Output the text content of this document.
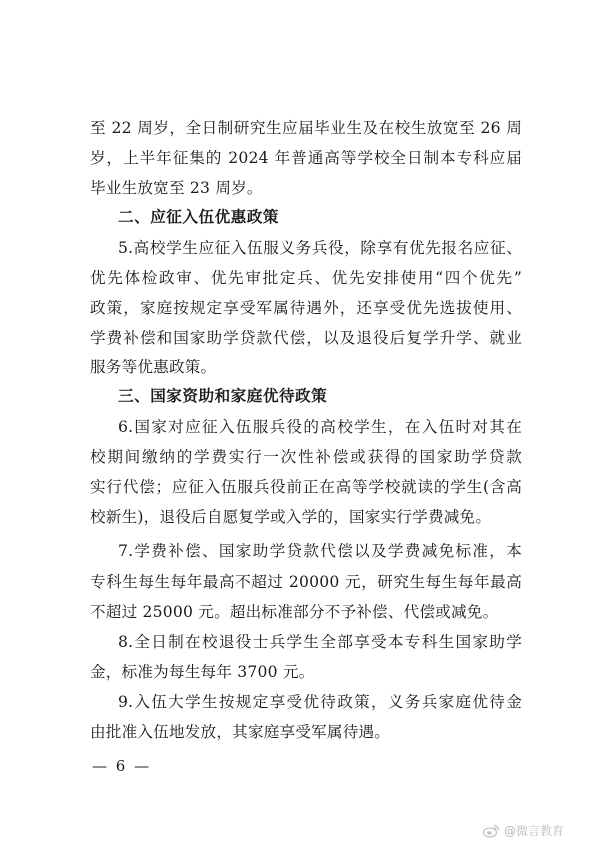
至 22 周岁，全日制研究生应届毕业生及在校生放宽至 26 周
岁，上半年征集的 2024 年普通高等学校全日制本专科应届
毕业生放宽至 23 周岁。
二、应征入伍优惠政策
5.高校学生应征入伍服义务兵役，除享有优先报名应征、
优先体检政审、优先审批定兵、优先安排使用“四个优先”
政策，家庭按规定享受军属待遇外，还享受优先选拔使用、
学费补偿和国家助学贷款代偿，以及退役后复学升学、就业
服务等优惠政策。
三、国家资助和家庭优待政策
6.国家对应征入伍服兵役的高校学生，在入伍时对其在
校期间缴纳的学费实行一次性补偿或获得的国家助学贷款
实行代偿；应征入伍服兵役前正在高等学校就读的学生(含高
校新生)，退役后自愿复学或入学的，国家实行学费减免。
7.学费补偿、国家助学贷款代偿以及学费减免标准，本
专科生每生每年最高不超过 20000 元，研究生每生每年最高
不超过 25000 元。超出标准部分不予补偿、代偿或减免。
8.全日制在校退役士兵学生全部享受本专科生国家助学
金，标准为每生每年 3700 元。
9.入伍大学生按规定享受优待政策，义务兵家庭优待金
由批准入伍地发放，其家庭享受军属待遇。
— 6 —
@微言教育
